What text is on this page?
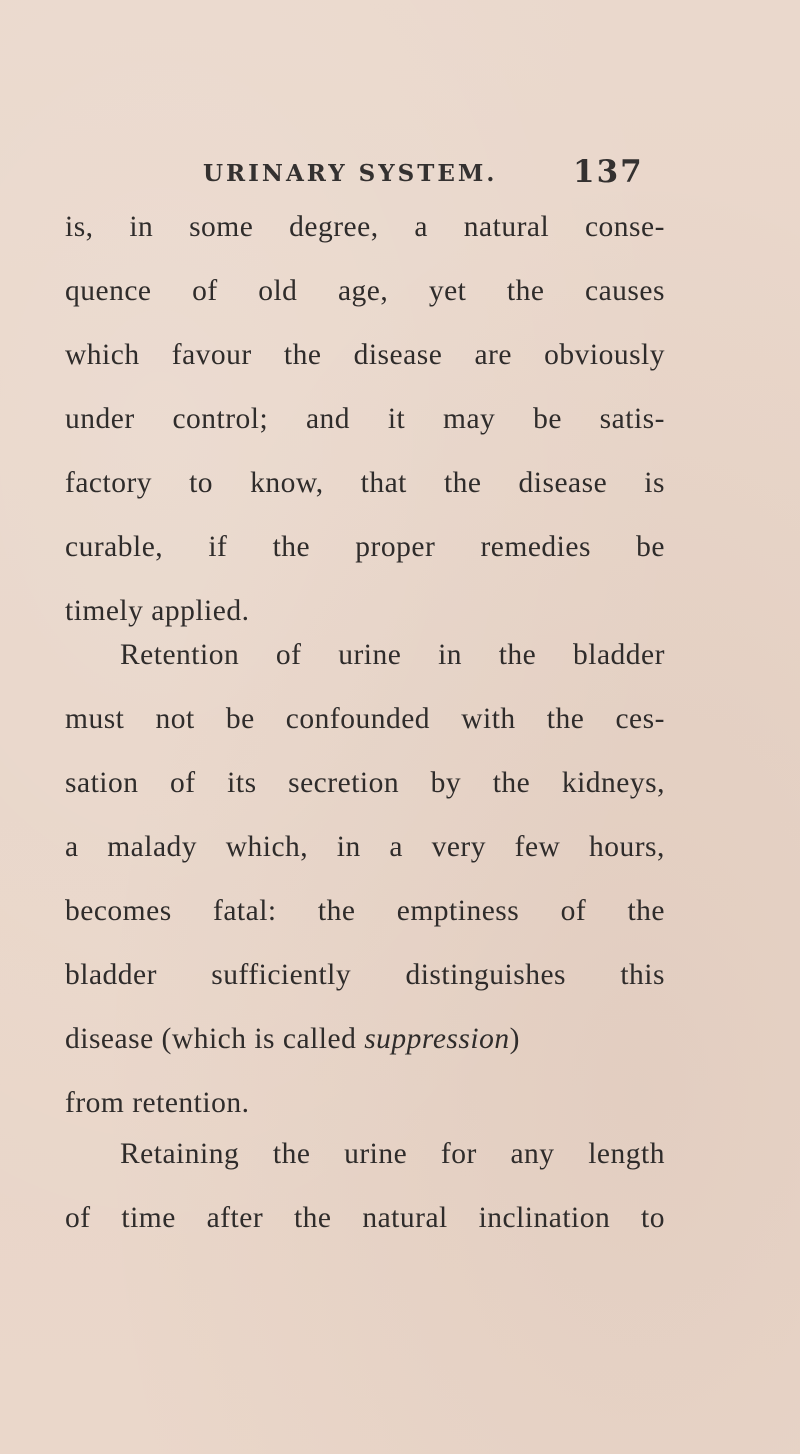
URINARY SYSTEM. 137
is, in some degree, a natural conse-
quence of old age, yet the causes
which favour the disease are obviously
under control; and it may be satis-
factory to know, that the disease is
curable, if the proper remedies be
timely applied.
Retention of urine in the bladder
must not be confounded with the ces-
sation of its secretion by the kidneys,
a malady which, in a very few hours,
becomes fatal: the emptiness of the
bladder sufficiently distinguishes this
disease (which is called suppression)
from retention.
Retaining the urine for any length
of time after the natural inclination to
